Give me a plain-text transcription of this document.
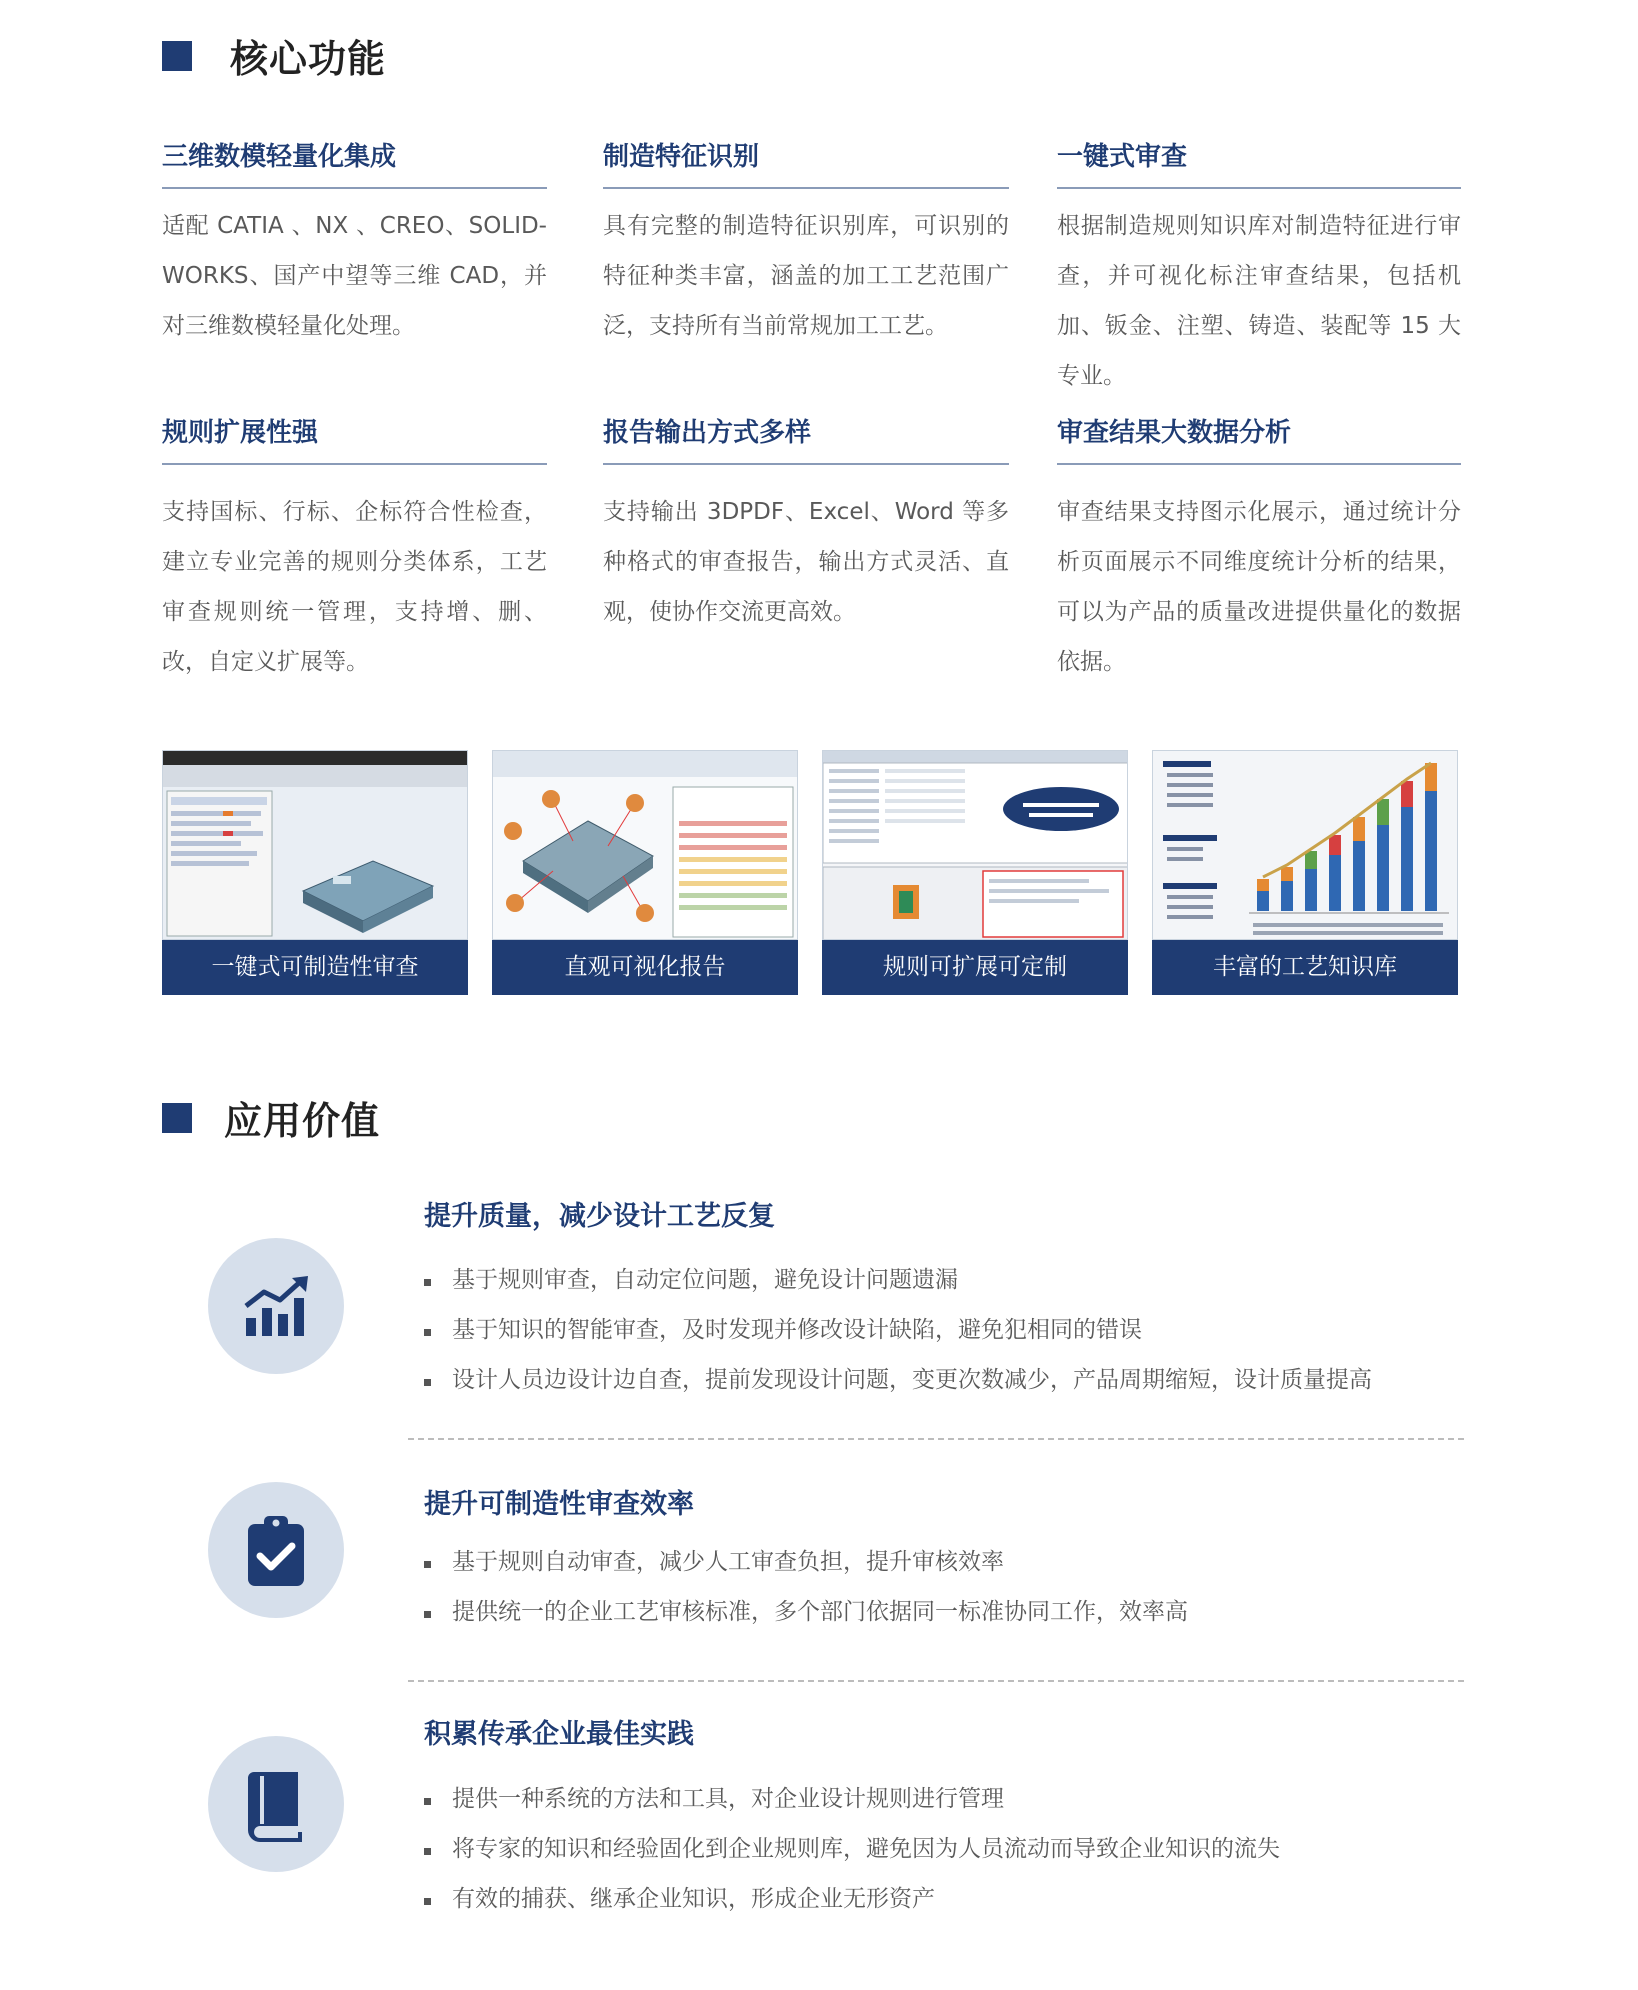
核心功能
三维数模轻量化集成
适配 CATIA 、NX 、CREO、SOLID-WORKS、国产中望等三维 CAD，并对三维数模轻量化处理。
制造特征识别
具有完整的制造特征识别库，可识别的特征种类丰富，涵盖的加工工艺范围广泛，支持所有当前常规加工工艺。
一键式审查
根据制造规则知识库对制造特征进行审查，并可视化标注审查结果，包括机加、钣金、注塑、铸造、装配等 15 大专业。
规则扩展性强
支持国标、行标、企标符合性检查，建立专业完善的规则分类体系，工艺审查规则统一管理，支持增、删、改，自定义扩展等。
报告输出方式多样
支持输出 3DPDF、Excel、Word 等多种格式的审查报告，输出方式灵活、直观，使协作交流更高效。
审查结果大数据分析
审查结果支持图示化展示，通过统计分析页面展示不同维度统计分析的结果，可以为产品的质量改进提供量化的数据依据。
一键式可制造性审查	直观可视化报告	规则可扩展可定制	丰富的工艺知识库
应用价值
提升质量，减少设计工艺反复
基于规则审查，自动定位问题，避免设计问题遗漏
基于知识的智能审查，及时发现并修改设计缺陷，避免犯相同的错误
设计人员边设计边自查，提前发现设计问题，变更次数减少，产品周期缩短，设计质量提高
提升可制造性审查效率
基于规则自动审查，减少人工审查负担，提升审核效率
提供统一的企业工艺审核标准，多个部门依据同一标准协同工作，效率高
积累传承企业最佳实践
提供一种系统的方法和工具，对企业设计规则进行管理
将专家的知识和经验固化到企业规则库，避免因为人员流动而导致企业知识的流失
有效的捕获、继承企业知识，形成企业无形资产
